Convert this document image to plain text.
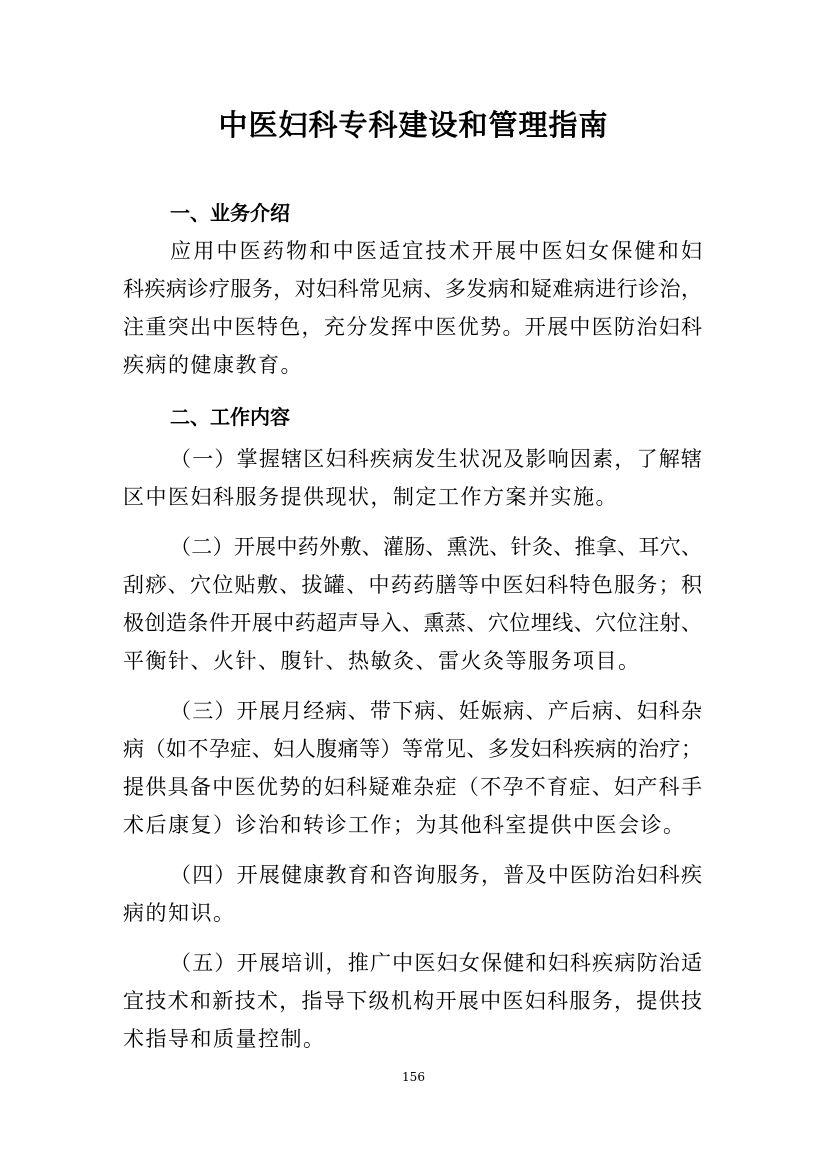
中医妇科专科建设和管理指南
一、业务介绍
应用中医药物和中医适宜技术开展中医妇女保健和妇
科疾病诊疗服务，对妇科常见病、多发病和疑难病进行诊治，
注重突出中医特色，充分发挥中医优势。开展中医防治妇科
疾病的健康教育。
二、工作内容
（一）掌握辖区妇科疾病发生状况及影响因素，了解辖
区中医妇科服务提供现状，制定工作方案并实施。
（二）开展中药外敷、灌肠、熏洗、针灸、推拿、耳穴、
刮痧、穴位贴敷、拔罐、中药药膳等中医妇科特色服务；积
极创造条件开展中药超声导入、熏蒸、穴位埋线、穴位注射、
平衡针、火针、腹针、热敏灸、雷火灸等服务项目。
（三）开展月经病、带下病、妊娠病、产后病、妇科杂
病（如不孕症、妇人腹痛等）等常见、多发妇科疾病的治疗；
提供具备中医优势的妇科疑难杂症（不孕不育症、妇产科手
术后康复）诊治和转诊工作；为其他科室提供中医会诊。
（四）开展健康教育和咨询服务，普及中医防治妇科疾
病的知识。
（五）开展培训，推广中医妇女保健和妇科疾病防治适
宜技术和新技术，指导下级机构开展中医妇科服务，提供技
术指导和质量控制。
156
